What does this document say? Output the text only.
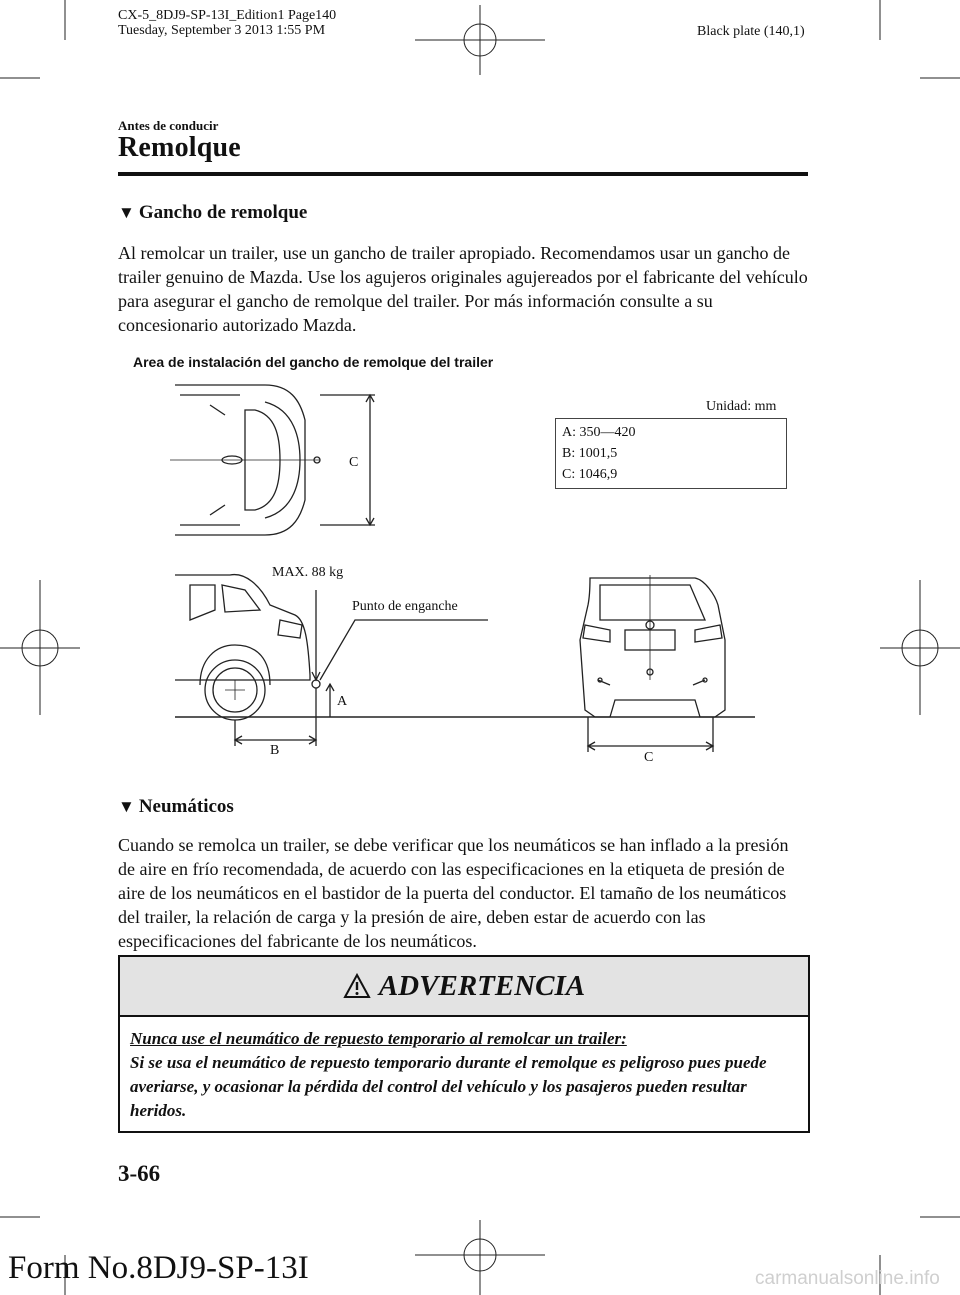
CX-5_8DJ9-SP-13I_Edition1 Page140
Tuesday, September 3 2013 1:55 PM	Black plate (140,1)
Antes de conducir
Remolque
▼ Gancho de remolque
Al remolcar un trailer, use un gancho de trailer apropiado. Recomendamos usar un gancho de trailer genuino de Mazda. Use los agujeros originales agujereados por el fabricante del vehículo para asegurar el gancho de remolque del trailer. Por más información consulte a su concesionario autorizado Mazda.
Area de instalación del gancho de remolque del trailer
Unidad: mm
A: 350—420
B: 1001,5
C: 1046,9
C
MAX. 88 kg
Punto de enganche
A
B	C
▼ Neumáticos
Cuando se remolca un trailer, se debe verificar que los neumáticos se han inflado a la presión de aire en frío recomendada, de acuerdo con las especificaciones en la etiqueta de presión de aire de los neumáticos en el bastidor de la puerta del conductor. El tamaño de los neumáticos del trailer, la relación de carga y la presión de aire, deben estar de acuerdo con las especificaciones del fabricante de los neumáticos.
ADVERTENCIA
Nunca use el neumático de repuesto temporario al remolcar un trailer:
Si se usa el neumático de repuesto temporario durante el remolque es peligroso pues puede averiarse, y ocasionar la pérdida del control del vehículo y los pasajeros pueden resultar heridos.
3-66
Form No.8DJ9-SP-13I	carmanualsonline.info
